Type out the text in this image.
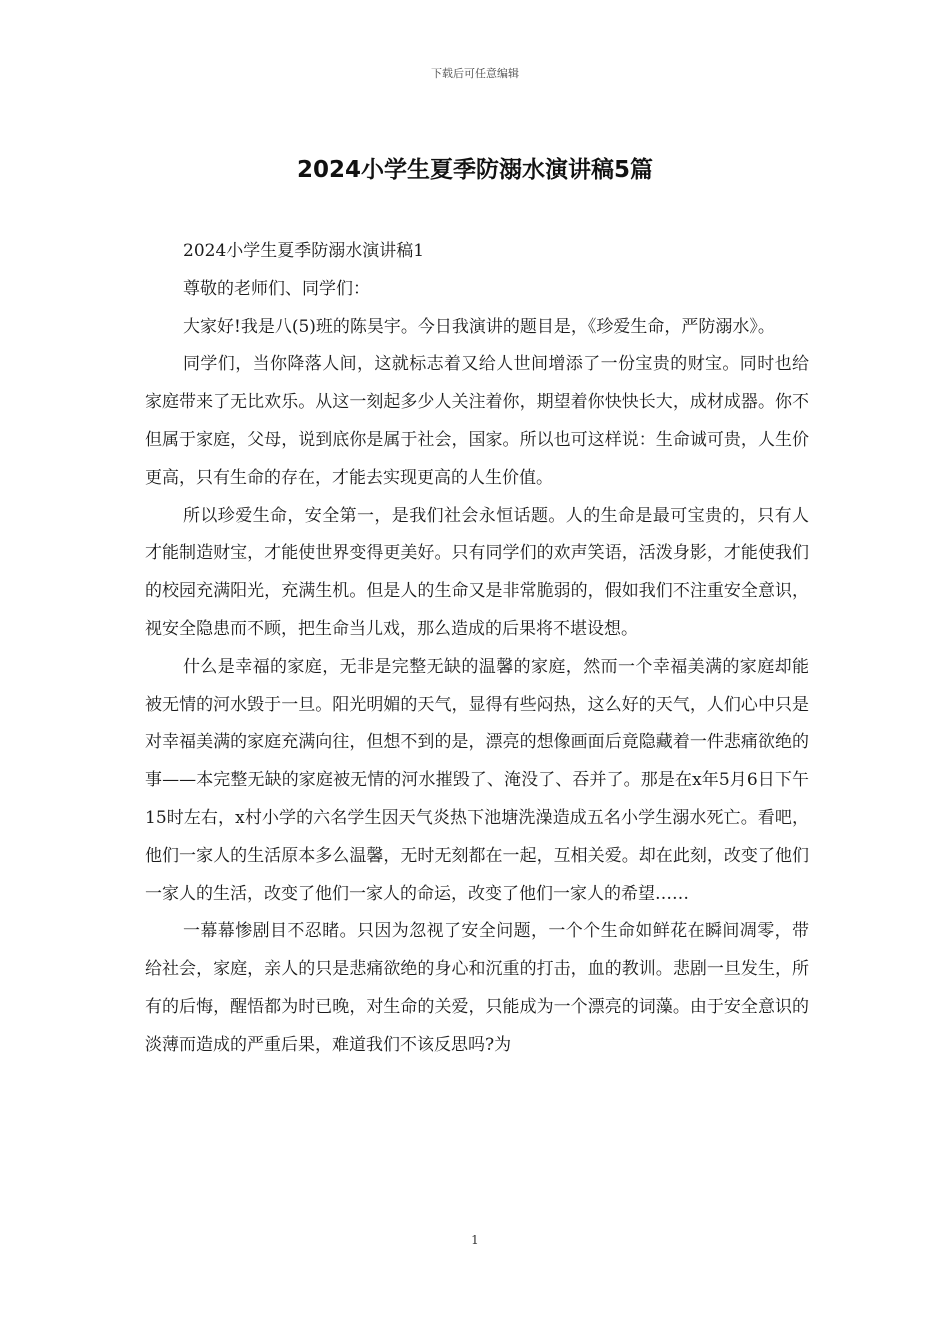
下载后可任意编辑
2024小学生夏季防溺水演讲稿5篇

2024小学生夏季防溺水演讲稿1

尊敬的老师们、同学们：

大家好!我是八(5)班的陈昊宇。今日我演讲的题目是，《珍爱生命，严防溺水》。

同学们，当你降落人间，这就标志着又给人世间增添了一份宝贵的财宝。同时也给家庭带来了无比欢乐。从这一刻起多少人关注着你，期望着你快快长大，成材成器。你不但属于家庭，父母，说到底你是属于社会，国家。所以也可这样说：生命诚可贵，人生价更高，只有生命的存在，才能去实现更高的人生价值。

所以珍爱生命，安全第一，是我们社会永恒话题。人的生命是最可宝贵的，只有人才能制造财宝，才能使世界变得更美好。只有同学们的欢声笑语，活泼身影，才能使我们的校园充满阳光，充满生机。但是人的生命又是非常脆弱的，假如我们不注重安全意识，视安全隐患而不顾，把生命当儿戏，那么造成的后果将不堪设想。

什么是幸福的家庭，无非是完整无缺的温馨的家庭，然而一个幸福美满的家庭却能被无情的河水毁于一旦。阳光明媚的天气，显得有些闷热，这么好的天气，人们心中只是对幸福美满的家庭充满向往，但想不到的是，漂亮的想像画面后竟隐藏着一件悲痛欲绝的事——本完整无缺的家庭被无情的河水摧毁了、淹没了、吞并了。那是在x年5月6日下午15时左右，x村小学的六名学生因天气炎热下池塘洗澡造成五名小学生溺水死亡。看吧，他们一家人的生活原本多么温馨，无时无刻都在一起，互相关爱。却在此刻，改变了他们一家人的生活，改变了他们一家人的命运，改变了他们一家人的希望……

一幕幕惨剧目不忍睹。只因为忽视了安全问题，一个个生命如鲜花在瞬间凋零，带给社会，家庭，亲人的只是悲痛欲绝的身心和沉重的打击，血的教训。悲剧一旦发生，所有的后悔，醒悟都为时已晚，对生命的关爱，只能成为一个漂亮的词藻。由于安全意识的淡薄而造成的严重后果，难道我们不该反思吗?为

1
